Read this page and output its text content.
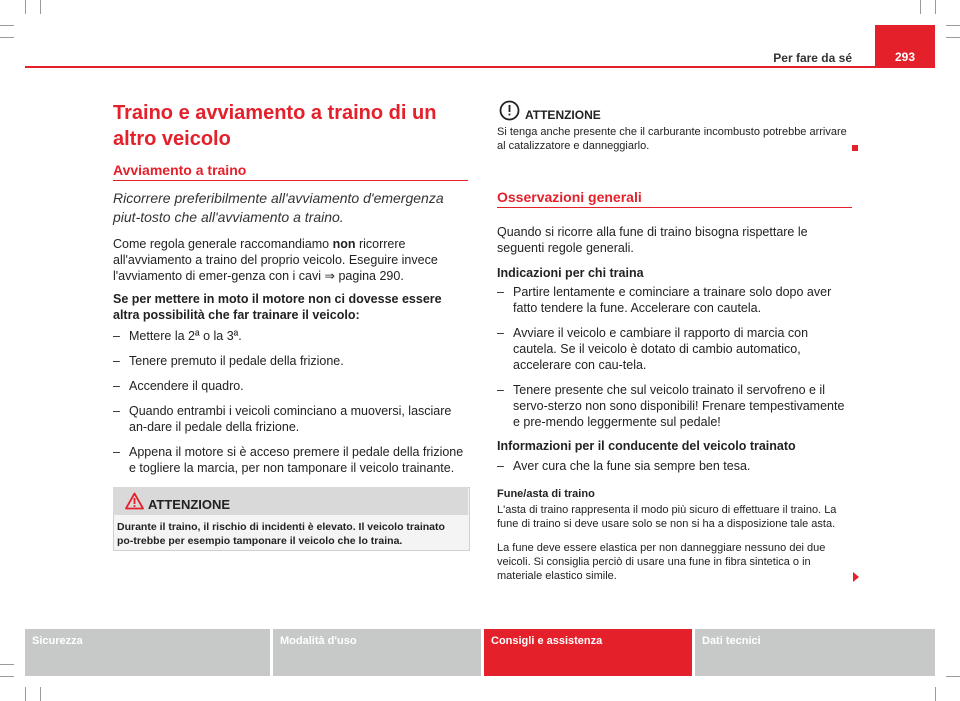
Per fare da sé	293
Traino e avviamento a traino di un altro veicolo
Avviamento a traino

Ricorrere preferibilmente all'avviamento d'emergenza piut-tosto che all'avviamento a traino.

Come regola generale raccomandiamo non ricorrere all'avviamento a traino del proprio veicolo. Eseguire invece l'avviamento di emer-genza con i cavi ⇒ pagina 290.

Se per mettere in moto il motore non ci dovesse essere altra possibilità che far trainare il veicolo:

– Mettere la 2ª o la 3ª.
– Tenere premuto il pedale della frizione.
– Accendere il quadro.
– Quando entrambi i veicoli cominciano a muoversi, lasciare an-dare il pedale della frizione.
– Appena il motore si è acceso premere il pedale della frizione e togliere la marcia, per non tamponare il veicolo trainante.
ATTENZIONE

Durante il traino, il rischio di incidenti è elevato. Il veicolo trainato po-trebbe per esempio tamponare il veicolo che lo traina.

ATTENZIONE

Si tenga anche presente che il carburante incombusto potrebbe arrivare al catalizzatore e danneggiarlo.

Osservazioni generali

Quando si ricorre alla fune di traino bisogna rispettare le seguenti regole generali.

Indicazioni per chi traina

– Partire lentamente e cominciare a trainare solo dopo aver fatto tendere la fune. Accelerare con cautela.
– Avviare il veicolo e cambiare il rapporto di marcia con cautela. Se il veicolo è dotato di cambio automatico, accelerare con cau-tela.
– Tenere presente che sul veicolo trainato il servofreno e il servo-sterzo non sono disponibili! Frenare tempestivamente e pre-mendo leggermente sul pedale!

Informazioni per il conducente del veicolo trainato

– Aver cura che la fune sia sempre ben tesa.

Fune/asta di traino

L'asta di traino rappresenta il modo più sicuro di effettuare il traino. La fune di traino si deve usare solo se non si ha a disposizione tale asta.

La fune deve essere elastica per non danneggiare nessuno dei due veicoli. Si consiglia perciò di usare una fune in fibra sintetica o in materiale elastico simile.

Sicurezza	Modalità d'uso	Consigli e assistenza	Dati tecnici
